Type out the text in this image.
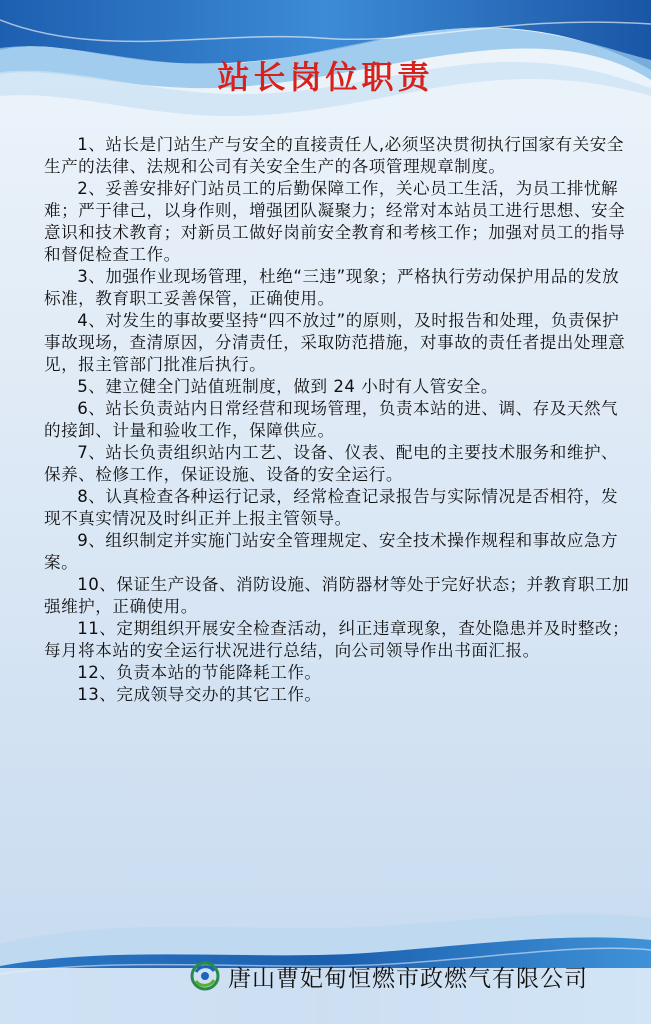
站长岗位职责

1、站长是门站生产与安全的直接责任人,必须坚决贯彻执行国家有关安全生产的法律、法规和公司有关安全生产的各项管理规章制度。

2、妥善安排好门站员工的后勤保障工作，关心员工生活，为员工排忧解难；严于律己，以身作则，增强团队凝聚力；经常对本站员工进行思想、安全意识和技术教育；对新员工做好岗前安全教育和考核工作；加强对员工的指导和督促检查工作。

3、加强作业现场管理，杜绝“三违”现象；严格执行劳动保护用品的发放标准，教育职工妥善保管，正确使用。

4、对发生的事故要坚持“四不放过”的原则，及时报告和处理，负责保护事故现场，查清原因，分清责任，采取防范措施，对事故的责任者提出处理意见，报主管部门批准后执行。

5、建立健全门站值班制度，做到 24 小时有人管安全。

6、站长负责站内日常经营和现场管理，负责本站的进、调、存及天然气的接卸、计量和验收工作，保障供应。

7、站长负责组织站内工艺、设备、仪表、配电的主要技术服务和维护、保养、检修工作，保证设施、设备的安全运行。

8、认真检查各种运行记录，经常检查记录报告与实际情况是否相符，发现不真实情况及时纠正并上报主管领导。

9、组织制定并实施门站安全管理规定、安全技术操作规程和事故应急方案。

10、保证生产设备、消防设施、消防器材等处于完好状态；并教育职工加强维护，正确使用。

11、定期组织开展安全检查活动，纠正违章现象，查处隐患并及时整改；每月将本站的安全运行状况进行总结，向公司领导作出书面汇报。

12、负责本站的节能降耗工作。

13、完成领导交办的其它工作。

唐山曹妃甸恒燃市政燃气有限公司
